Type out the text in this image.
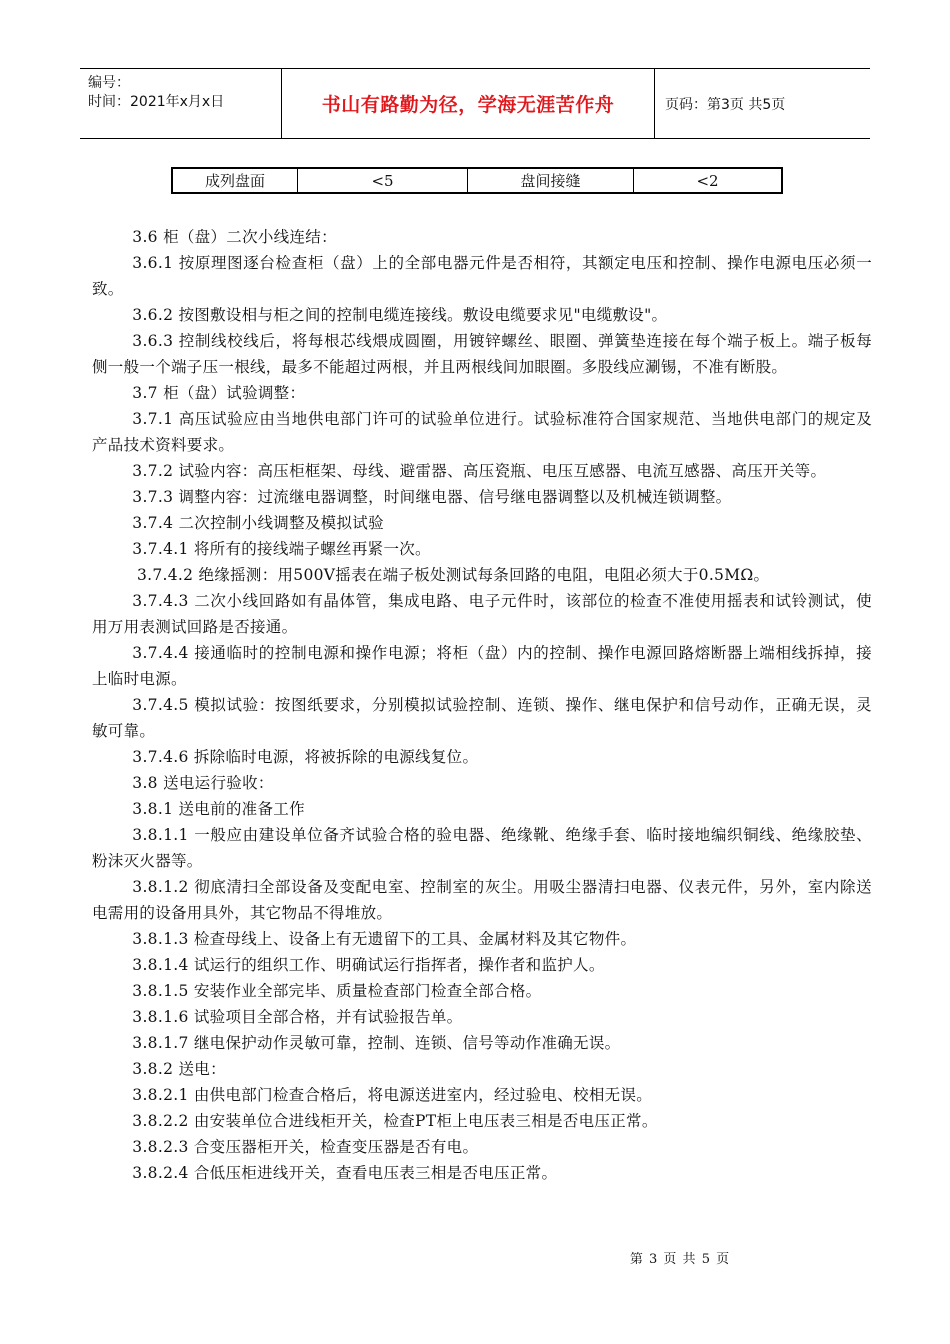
编号：
时间：2021年x月x日	书山有路勤为径，学海无涯苦作舟	页码：第3页 共5页
成列盘面	<5	盘间接缝	<2

3.6 柜（盘）二次小线连结：

3.6.1 按原理图逐台检查柜（盘）上的全部电器元件是否相符，其额定电压和控制、操作电源电压必须一致。

3.6.2 按图敷设相与柜之间的控制电缆连接线。敷设电缆要求见"电缆敷设"。

3.6.3 控制线校线后，将每根芯线煨成圆圈，用镀锌螺丝、眼圈、弹簧垫连接在每个端子板上。端子板每侧一般一个端子压一根线，最多不能超过两根，并且两根线间加眼圈。多股线应涮锡，不准有断股。

3.7 柜（盘）试验调整：

3.7.1 高压试验应由当地供电部门许可的试验单位进行。试验标准符合国家规范、当地供电部门的规定及产品技术资料要求。

3.7.2 试验内容：高压柜框架、母线、避雷器、高压瓷瓶、电压互感器、电流互感器、高压开关等。

3.7.3 调整内容：过流继电器调整，时间继电器、信号继电器调整以及机械连锁调整。

3.7.4 二次控制小线调整及模拟试验

3.7.4.1 将所有的接线端子螺丝再紧一次。

3.7.4.2 绝缘摇测：用500V摇表在端子板处测试每条回路的电阻，电阻必须大于0.5MΩ。

3.7.4.3 二次小线回路如有晶体管，集成电路、电子元件时，该部位的检查不准使用摇表和试铃测试，使用万用表测试回路是否接通。

3.7.4.4 接通临时的控制电源和操作电源；将柜（盘）内的控制、操作电源回路熔断器上端相线拆掉，接上临时电源。

3.7.4.5 模拟试验：按图纸要求，分别模拟试验控制、连锁、操作、继电保护和信号动作，正确无误，灵敏可靠。

3.7.4.6 拆除临时电源，将被拆除的电源线复位。

3.8 送电运行验收：

3.8.1 送电前的准备工作

3.8.1.1 一般应由建设单位备齐试验合格的验电器、绝缘靴、绝缘手套、临时接地编织铜线、绝缘胶垫、粉沫灭火器等。

3.8.1.2 彻底清扫全部设备及变配电室、控制室的灰尘。用吸尘器清扫电器、仪表元件，另外，室内除送电需用的设备用具外，其它物品不得堆放。

3.8.1.3 检查母线上、设备上有无遗留下的工具、金属材料及其它物件。

3.8.1.4 试运行的组织工作、明确试运行指挥者，操作者和监护人。

3.8.1.5 安装作业全部完毕、质量检查部门检查全部合格。

3.8.1.6 试验项目全部合格，并有试验报告单。

3.8.1.7 继电保护动作灵敏可靠，控制、连锁、信号等动作准确无误。

3.8.2 送电：

3.8.2.1 由供电部门检查合格后，将电源送进室内，经过验电、校相无误。

3.8.2.2 由安装单位合进线柜开关，检查PT柜上电压表三相是否电压正常。

3.8.2.3 合变压器柜开关，检查变压器是否有电。

3.8.2.4 合低压柜进线开关，查看电压表三相是否电压正常。

第 3 页 共 5 页
